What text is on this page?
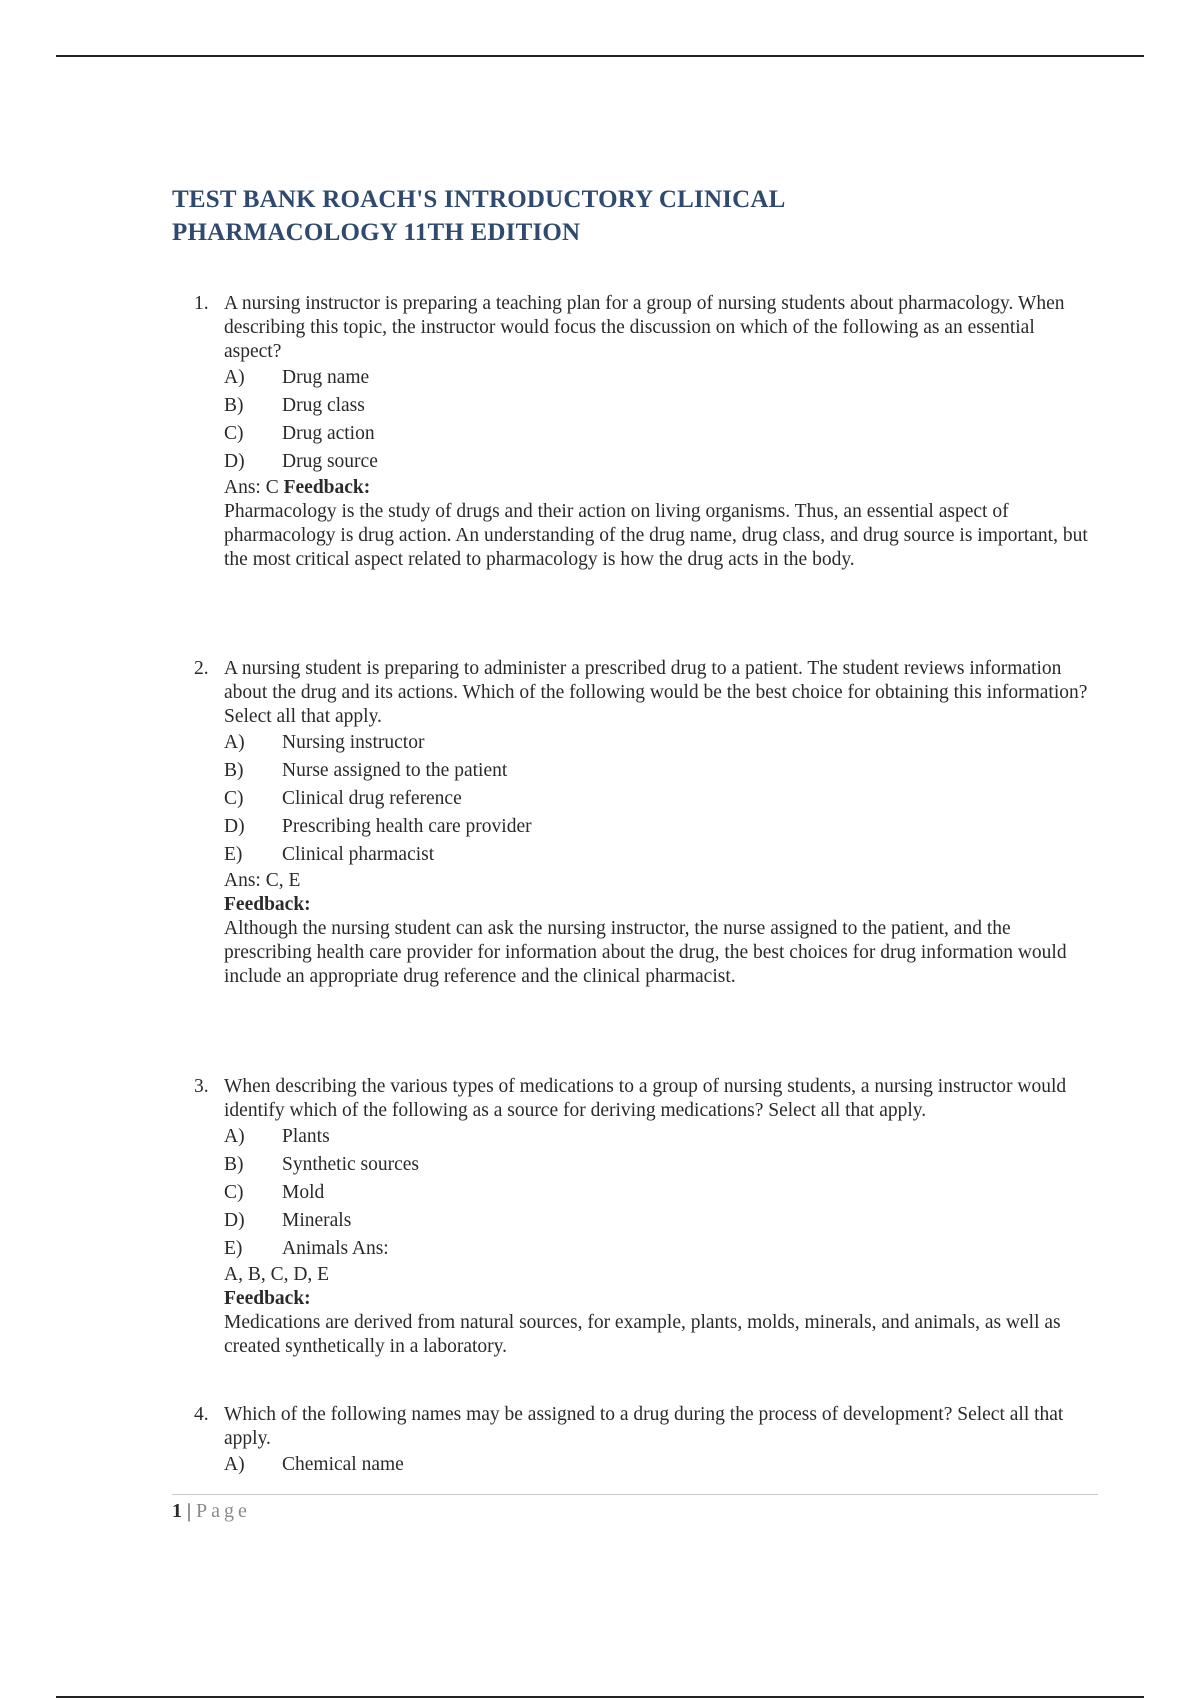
TEST BANK ROACH'S INTRODUCTORY CLINICAL PHARMACOLOGY 11TH EDITION
1. A nursing instructor is preparing a teaching plan for a group of nursing students about pharmacology. When describing this topic, the instructor would focus the discussion on which of the following as an essential aspect?
A)	Drug name
B)	Drug class
C)	Drug action
D)	Drug source
Ans: C Feedback:
Pharmacology is the study of drugs and their action on living organisms. Thus, an essential aspect of pharmacology is drug action. An understanding of the drug name, drug class, and drug source is important, but the most critical aspect related to pharmacology is how the drug acts in the body.
2. A nursing student is preparing to administer a prescribed drug to a patient. The student reviews information about the drug and its actions. Which of the following would be the best choice for obtaining this information? Select all that apply.
A)	Nursing instructor
B)	Nurse assigned to the patient
C)	Clinical drug reference
D)	Prescribing health care provider
E)	Clinical pharmacist
Ans: C, E
Feedback:
Although the nursing student can ask the nursing instructor, the nurse assigned to the patient, and the prescribing health care provider for information about the drug, the best choices for drug information would include an appropriate drug reference and the clinical pharmacist.
3. When describing the various types of medications to a group of nursing students, a nursing instructor would identify which of the following as a source for deriving medications? Select all that apply.
A)	Plants
B)	Synthetic sources
C)	Mold
D)	Minerals
E)	Animals Ans:
A, B, C, D, E
Feedback:
Medications are derived from natural sources, for example, plants, molds, minerals, and animals, as well as created synthetically in a laboratory.
4. Which of the following names may be assigned to a drug during the process of development? Select all that apply.
A)	Chemical name
1 | Page
